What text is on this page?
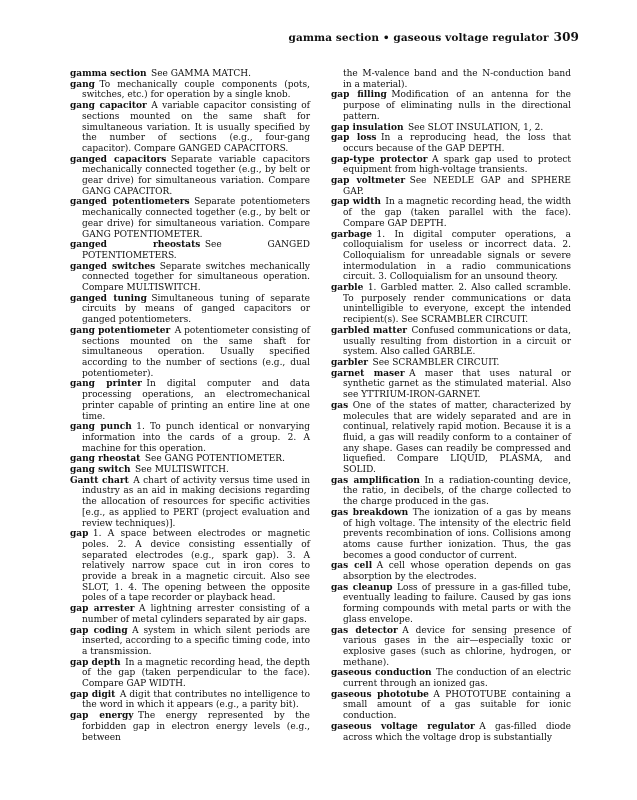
gamma section • gaseous voltage regulator 309

gamma section  See GAMMA MATCH.

gang  To mechanically couple components (pots, switches, etc.) for operation by a single knob.

gang capacitor  A variable capacitor consisting of sections mounted on the same shaft for simultaneous variation. It is usually specified by the number of sections (e.g., four-gang capacitor). Compare GANGED CAPACITORS.

ganged capacitors  Separate variable capacitors mechanically connected together (e.g., by belt or gear drive) for simultaneous variation. Compare GANG CAPACITOR.

ganged potentiometers  Separate potentiometers mechanically connected together (e.g., by belt or gear drive) for simultaneous variation. Compare GANG POTENTIOMETER.

ganged rheostats  See GANGED POTENTIOMETERS.

ganged switches  Separate switches mechanically connected together for simultaneous operation. Compare MULTISWITCH.

ganged tuning  Simultaneous tuning of separate circuits by means of ganged capacitors or ganged potentiometers.

gang potentiometer  A potentiometer consisting of sections mounted on the same shaft for simultaneous operation. Usually specified according to the number of sections (e.g., dual potentiometer).

gang printer  In digital computer and data processing operations, an electromechanical printer capable of printing an entire line at one time.

gang punch  1. To punch identical or nonvarying information into the cards of a group. 2. A machine for this operation.

gang rheostat  See GANG POTENTIOMETER.

gang switch  See MULTISWITCH.

Gantt chart  A chart of activity versus time used in industry as an aid in making decisions regarding the allocation of resources for specific activities [e.g., as applied to PERT (project evaluation and review techniques)].

gap  1. A space between electrodes or magnetic poles. 2. A device consisting essentially of separated electrodes (e.g., spark gap). 3. A relatively narrow space cut in iron cores to provide a break in a magnetic circuit. Also see SLOT, 1. 4. The opening between the opposite poles of a tape recorder or playback head.

gap arrester  A lightning arrester consisting of a number of metal cylinders separated by air gaps.

gap coding  A system in which silent periods are inserted, according to a specific timing code, into a transmission.

gap depth  In a magnetic recording head, the depth of the gap (taken perpendicular to the face). Compare GAP WIDTH.

gap digit  A digit that contributes no intelligence to the word in which it appears (e.g., a parity bit).

gap energy  The energy represented by the forbidden gap in electron energy levels (e.g., between

the M-valence band and the N-conduction band in a material).

gap filling  Modification of an antenna for the purpose of eliminating nulls in the directional pattern.

gap insulation  See SLOT INSULATION, 1, 2.

gap loss  In a reproducing head, the loss that occurs because of the GAP DEPTH.

gap-type protector  A spark gap used to protect equipment from high-voltage transients.

gap voltmeter  See NEEDLE GAP and SPHERE GAP.

gap width  In a magnetic recording head, the width of the gap (taken parallel with the face). Compare GAP DEPTH.

garbage  1. In digital computer operations, a colloquialism for useless or incorrect data. 2. Colloquialism for unreadable signals or severe intermodulation in a radio communications circuit. 3. Colloquialism for an unsound theory.

garble  1. Garbled matter. 2. Also called scramble. To purposely render communications or data unintelligible to everyone, except the intended recipient(s). See SCRAMBLER CIRCUIT.

garbled matter  Confused communications or data, usually resulting from distortion in a circuit or system. Also called GARBLE.

garbler  See SCRAMBLER CIRCUIT.

garnet maser  A maser that uses natural or synthetic garnet as the stimulated material. Also see YTTRIUM-IRON-GARNET.

gas  One of the states of matter, characterized by molecules that are widely separated and are in continual, relatively rapid motion. Because it is a fluid, a gas will readily conform to a container of any shape. Gases can readily be compressed and liquefied. Compare LIQUID, PLASMA, and SOLID.

gas amplification  In a radiation-counting device, the ratio, in decibels, of the charge collected to the charge produced in the gas.

gas breakdown  The ionization of a gas by means of high voltage. The intensity of the electric field prevents recombination of ions. Collisions among atoms cause further ionization. Thus, the gas becomes a good conductor of current.

gas cell  A cell whose operation depends on gas absorption by the electrodes.

gas cleanup  Loss of pressure in a gas-filled tube, eventually leading to failure. Caused by gas ions forming compounds with metal parts or with the glass envelope.

gas detector  A device for sensing presence of various gases in the air—especially toxic or explosive gases (such as chlorine, hydrogen, or methane).

gaseous conduction  The conduction of an electric current through an ionized gas.

gaseous phototube  A PHOTOTUBE containing a small amount of a gas suitable for ionic conduction.

gaseous voltage regulator  A gas-filled diode across which the voltage drop is substantially
